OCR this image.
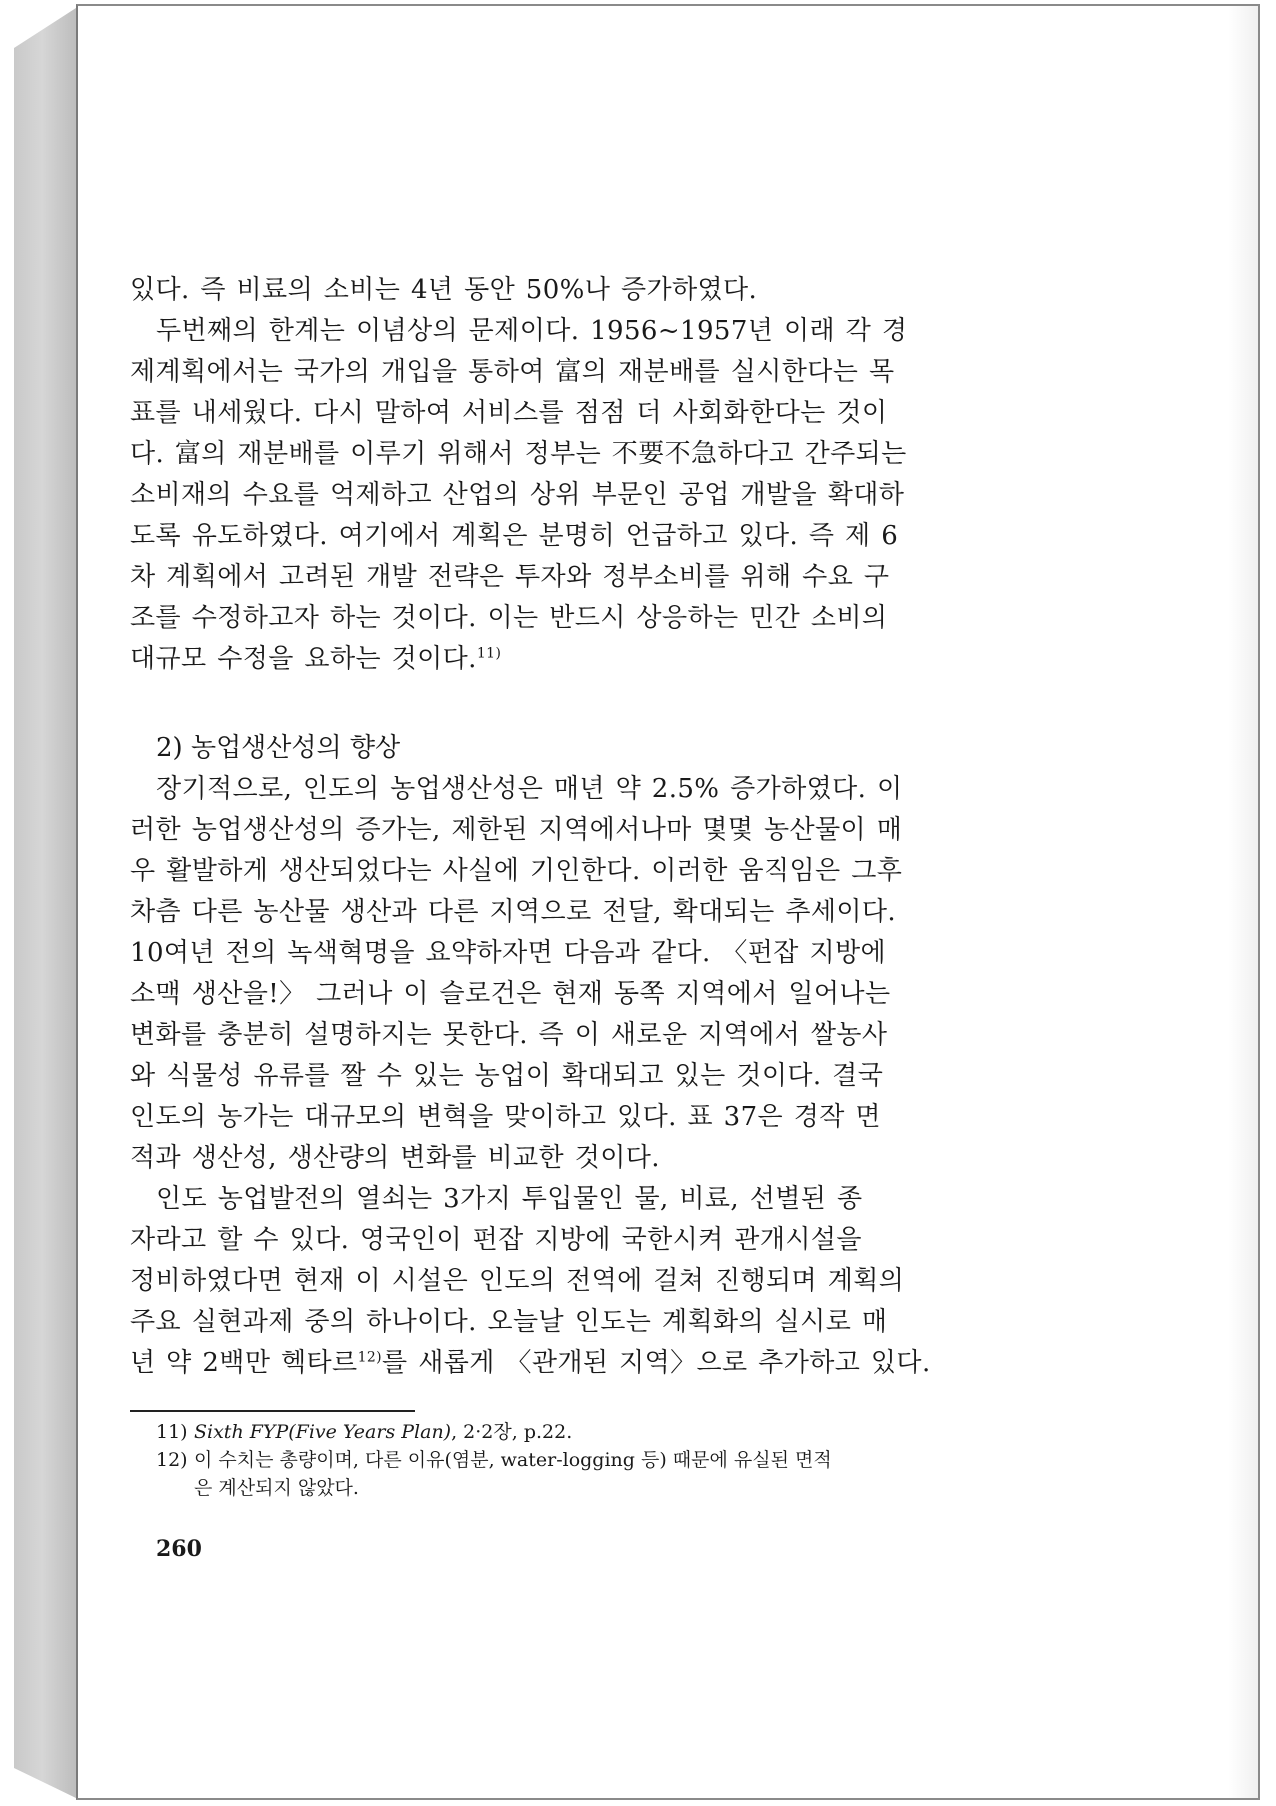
있다. 즉 비료의 소비는 4년 동안 50%나 증가하였다.
두번째의 한계는 이념상의 문제이다. 1956~1957년 이래 각 경
제계획에서는 국가의 개입을 통하여 富의 재분배를 실시한다는 목
표를 내세웠다. 다시 말하여 서비스를 점점 더 사회화한다는 것이
다. 富의 재분배를 이루기 위해서 정부는 不要不急하다고 간주되는
소비재의 수요를 억제하고 산업의 상위 부문인 공업 개발을 확대하
도록 유도하였다. 여기에서 계획은 분명히 언급하고 있다. 즉 제 6
차 계획에서 고려된 개발 전략은 투자와 정부소비를 위해 수요 구
조를 수정하고자 하는 것이다. 이는 반드시 상응하는 민간 소비의
대규모 수정을 요하는 것이다.$^{11)}$
2) 농업생산성의 향상
장기적으로, 인도의 농업생산성은 매년 약 2.5% 증가하였다. 이
러한 농업생산성의 증가는, 제한된 지역에서나마 몇몇 농산물이 매
우 활발하게 생산되었다는 사실에 기인한다. 이러한 움직임은 그후
차츰 다른 농산물 생산과 다른 지역으로 전달, 확대되는 추세이다.
10여년 전의 녹색혁명을 요약하자면 다음과 같다. 〈펀잡 지방에
소맥 생산을!〉 그러나 이 슬로건은 현재 동쪽 지역에서 일어나는
변화를 충분히 설명하지는 못한다. 즉 이 새로운 지역에서 쌀농사
와 식물성 유류를 짤 수 있는 농업이 확대되고 있는 것이다. 결국
인도의 농가는 대규모의 변혁을 맞이하고 있다. 표 37은 경작 면
적과 생산성, 생산량의 변화를 비교한 것이다.
인도 농업발전의 열쇠는 3가지 투입물인 물, 비료, 선별된 종
자라고 할 수 있다. 영국인이 펀잡 지방에 국한시켜 관개시설을
정비하였다면 현재 이 시설은 인도의 전역에 걸쳐 진행되며 계획의
주요 실현과제 중의 하나이다. 오늘날 인도는 계획화의 실시로 매
년 약 2백만 헥타르$^{12)}$를 새롭게 〈관개된 지역〉으로 추가하고 있다.
11) Sixth FYP(Five Years Plan), 2·2장, p.22.
12) 이 수치는 총량이며, 다른 이유(염분, water-logging 등) 때문에 유실된 면적
은 계산되지 않았다.
260
